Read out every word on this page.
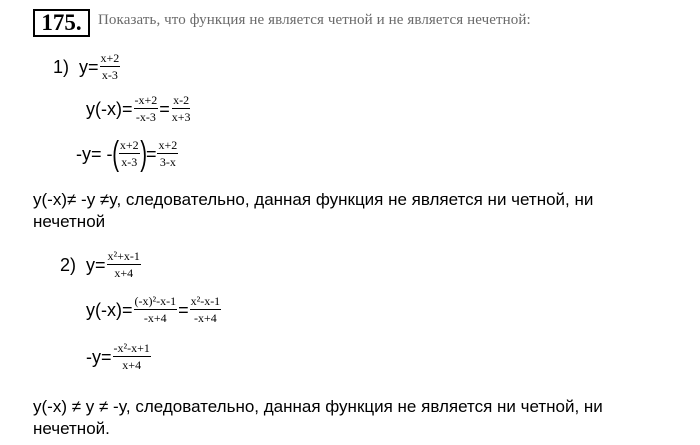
175.	Показать, что функция не является четной и не является нечетной:
1) $y= \frac{x+2}{x-3}$
$y(-x)= \frac{-x+2}{-x-3} = \frac{x-2}{x+3}$
-y= - ( $\frac{x+2}{x-3}$ ) = $\frac{x+2}{3-x}$
y(-x)≠ -y ≠y, следовательно, данная функция не является ни четной, ни
нечетной
2) $y= \frac{\text{x²+x-1}}{x+4}$
$y(-x)= \frac{\text{(-x)²-x-1}}{-x+4} = \frac{\text{x²-x-1}}{-x+4}$
$-y= \frac{\text{-x²-x+1}}{x+4}$
y(-x) ≠ y ≠ -y, следовательно, данная функция не является ни четной, ни
нечетной.
